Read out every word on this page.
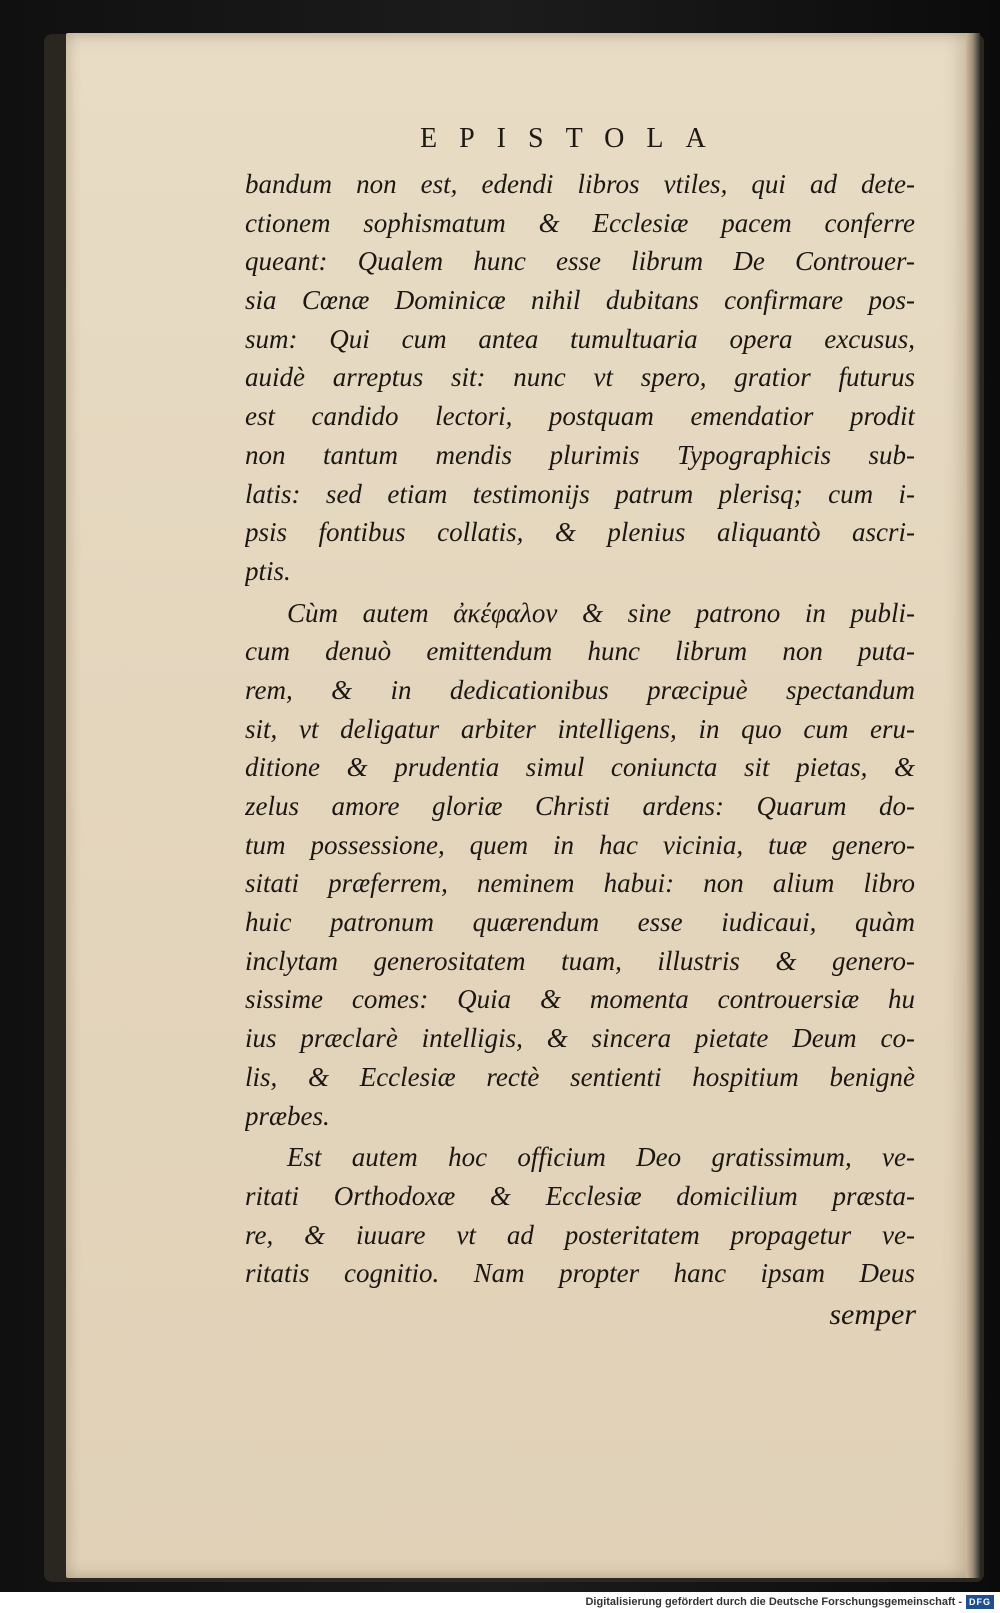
EPISTOLA
bandum non est, edendi libros vtiles, qui ad dete-
ctionem sophismatum & Ecclesiæ pacem conferre
queant: Qualem hunc esse librum De Controuer-
sia Cœnæ Dominicæ nihil dubitans confirmare pos-
sum: Qui cum antea tumultuaria opera excusus,
auidè arreptus sit: nunc vt spero, gratior futurus
est candido lectori, postquam emendatior prodit
non tantum mendis plurimis Typographicis sub-
latis: sed etiam testimonijs patrum plerisq; cum i-
psis fontibus collatis, & plenius aliquantò ascri-
ptis.
Cùm autem ἀκέφαλον & sine patrono in publi-
cum denuò emittendum hunc librum non puta-
rem, & in dedicationibus præcipuè spectandum
sit, vt deligatur arbiter intelligens, in quo cum eru-
ditione & prudentia simul coniuncta sit pietas, &
zelus amore gloriæ Christi ardens: Quarum do-
tum possessione, quem in hac vicinia, tuæ genero-
sitati præferrem, neminem habui: non alium libro
huic patronum quærendum esse iudicaui, quàm
inclytam generositatem tuam, illustris & genero-
sissime comes: Quia & momenta controuersiæ hu
ius præclarè intelligis, & sincera pietate Deum co-
lis, & Ecclesiæ rectè sentienti hospitium benignè
præbes.
Est autem hoc officium Deo gratissimum, ve-
ritati Orthodoxæ & Ecclesiæ domicilium præsta-
re, & iuuare vt ad posteritatem propagetur ve-
ritatis cognitio. Nam propter hanc ipsam Deus
semper
Digitalisierung gefördert durch die Deutsche Forschungsgemeinschaft - DFG
